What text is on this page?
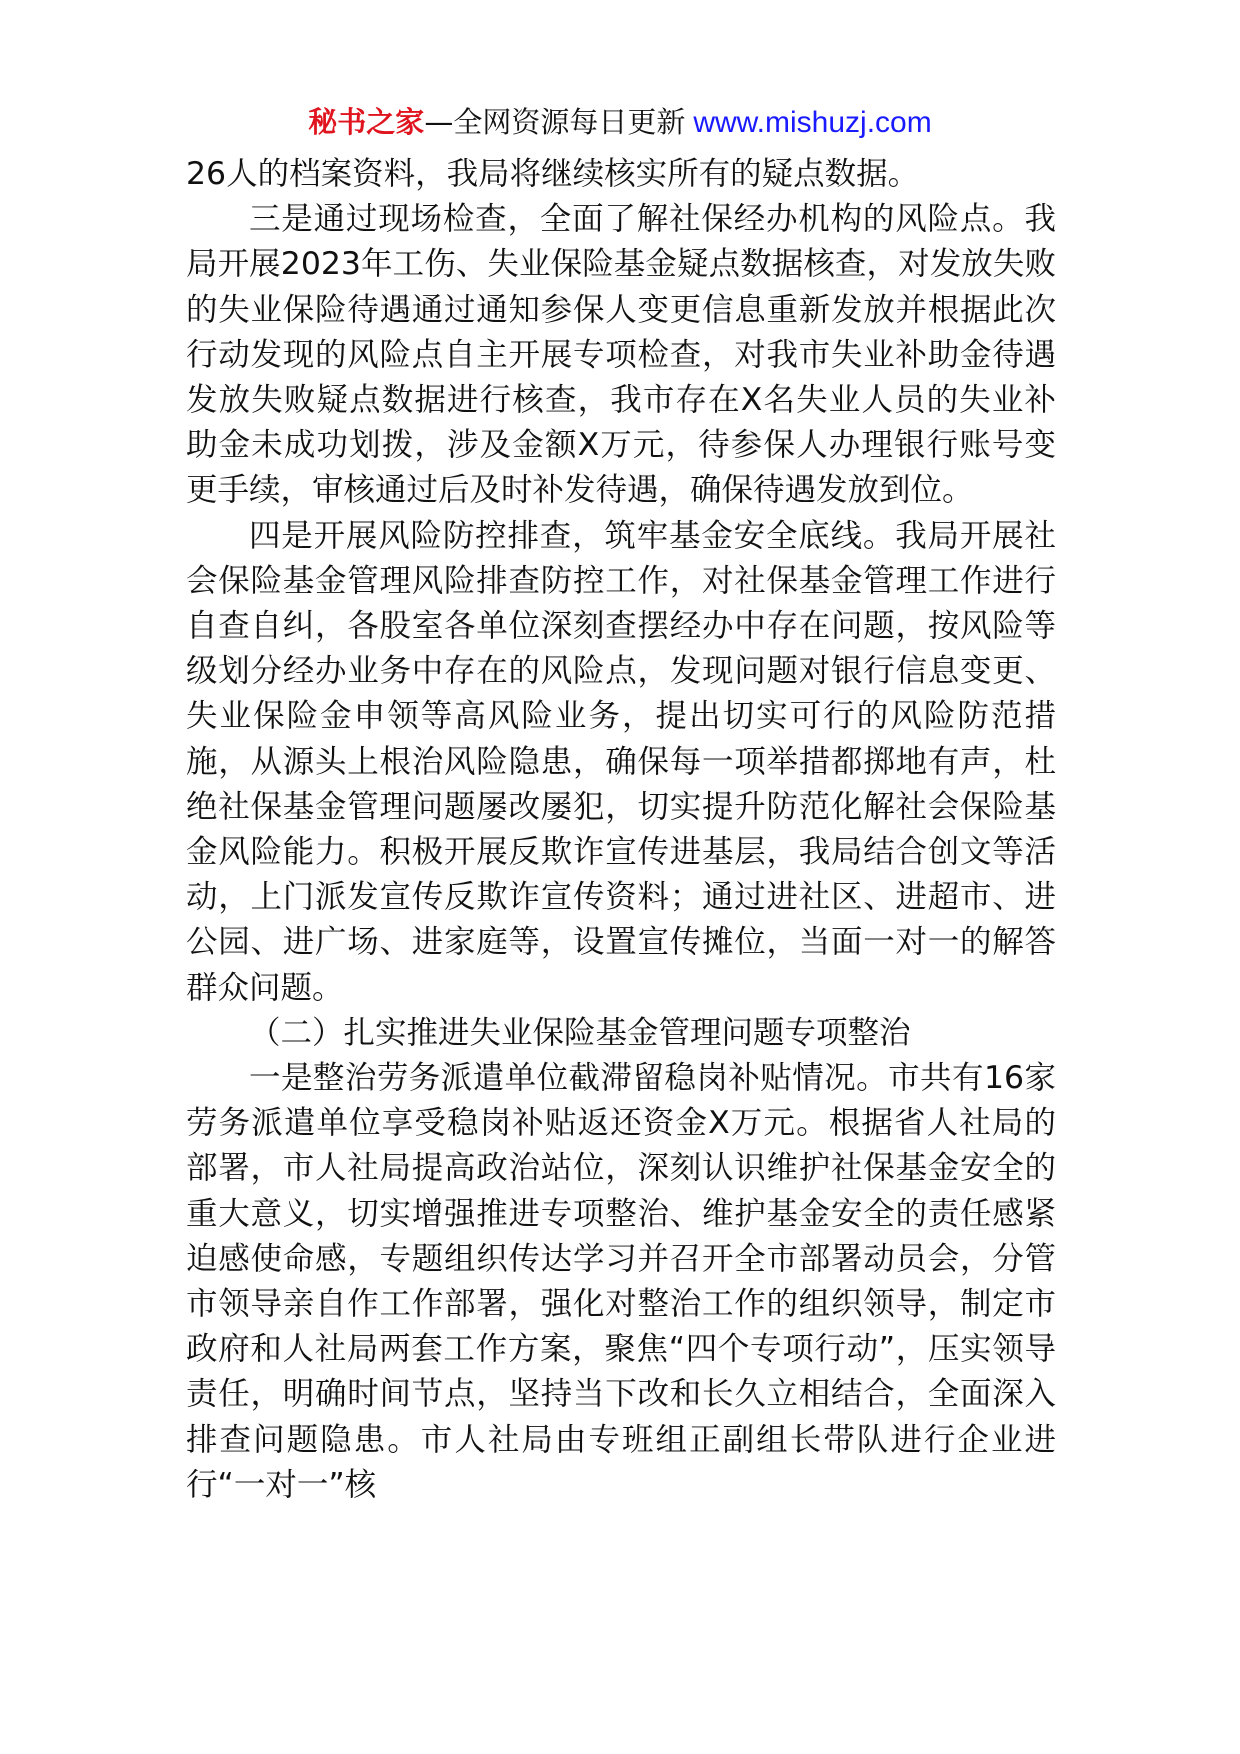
秘书之家—全网资源每日更新 www.mishuzj.com

26人的档案资料，我局将继续核实所有的疑点数据。

三是通过现场检查，全面了解社保经办机构的风险点。我局开展2023年工伤、失业保险基金疑点数据核查，对发放失败的失业保险待遇通过通知参保人变更信息重新发放并根据此次行动发现的风险点自主开展专项检查，对我市失业补助金待遇发放失败疑点数据进行核查，我市存在X名失业人员的失业补助金未成功划拨，涉及金额X万元，待参保人办理银行账号变更手续，审核通过后及时补发待遇，确保待遇发放到位。

四是开展风险防控排查，筑牢基金安全底线。我局开展社会保险基金管理风险排查防控工作，对社保基金管理工作进行自查自纠，各股室各单位深刻查摆经办中存在问题，按风险等级划分经办业务中存在的风险点，发现问题对银行信息变更、失业保险金申领等高风险业务，提出切实可行的风险防范措施，从源头上根治风险隐患，确保每一项举措都掷地有声，杜绝社保基金管理问题屡改屡犯，切实提升防范化解社会保险基金风险能力。积极开展反欺诈宣传进基层，我局结合创文等活动，上门派发宣传反欺诈宣传资料；通过进社区、进超市、进公园、进广场、进家庭等，设置宣传摊位，当面一对一的解答群众问题。

（二）扎实推进失业保险基金管理问题专项整治

一是整治劳务派遣单位截滞留稳岗补贴情况。市共有16家劳务派遣单位享受稳岗补贴返还资金X万元。根据省人社局的部署，市人社局提高政治站位，深刻认识维护社保基金安全的重大意义，切实增强推进专项整治、维护基金安全的责任感紧迫感使命感，专题组织传达学习并召开全市部署动员会，分管市领导亲自作工作部署，强化对整治工作的组织领导，制定市政府和人社局两套工作方案，聚焦“四个专项行动”，压实领导责任，明确时间节点，坚持当下改和长久立相结合，全面深入排查问题隐患。市人社局由专班组正副组长带队进行企业进行“一对一”核
